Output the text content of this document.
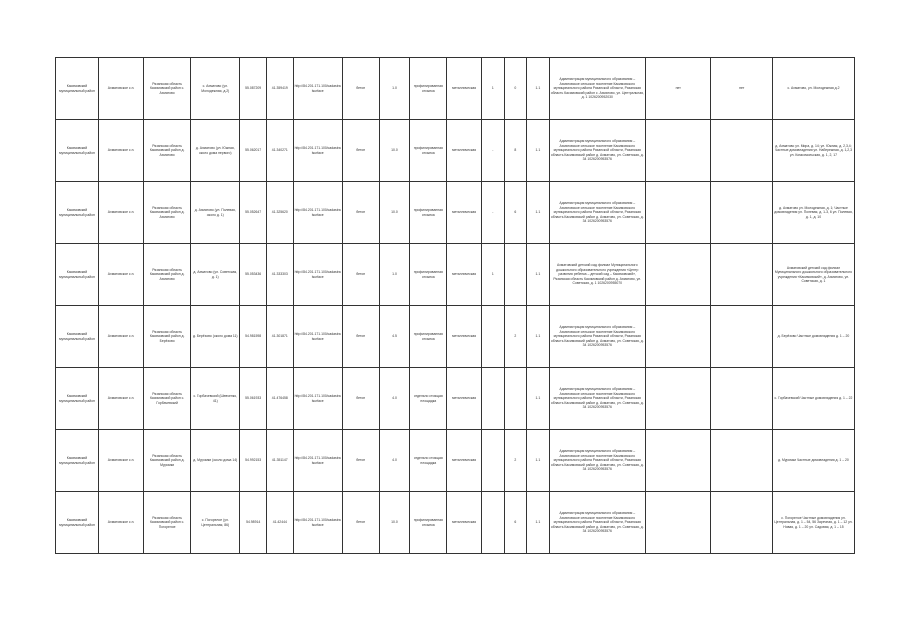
Касимовский муниципальный район	Ахматовское с.п.	Рязанская область Касимовский район с. Ахматово	с. Ахматово (ул. Молодежная, д.2)	55.087209	41.359419	http://84.201.171.100/cadastralsurface	бетон	1.0	профилированная отсыпка	металлическая	1	0	1.1	Администрация муниципального образования – Ахматовское сельское поселение Касимовского муниципального района Рязанской области, Рязанская область Касимовский район с. Ахматово, ул. Центральная, д. 1 1026200952030	нет	нет	с. Ахматово, ул. Молодежная д.2
Касимовский муниципальный район	Ахматовское с.п.	Рязанская область Касимовский район д. Ахматово	д. Ахматово (ул. Южная, около дома первого)	55.062017	41.340271	http://84.201.171.100/cadastralsurface	бетон	10.0	профилированная отсыпка	металлическая	-	8	1.1	Администрация муниципального образования – Ахматовское сельское поселение Касимовского муниципального района Рязанской области, Рязанская область Касимовский район д. Ахматово, ул. Советская, д. 34 1026200953576			д. Ахматово ул. Мира, д. 14; ул. Южная, д. 2,3,4; Частные домовладения ул. Набережная, д. 1,2,3 ул. Комсомольская, д. 1, 2, 17
Касимовский муниципальный район	Ахматовское с.п.	Рязанская область Касимовский район д. Ахматово	д. Ахматово (ул. Полевая, около д. 1)	55.052647	41.325620	http://84.201.171.100/cadastralsurface	бетон	10.0	профилированная отсыпка	металлическая	-	6	1.1	Администрация муниципального образования – Ахматовское сельское поселение Касимовского муниципального района Рязанской области, Рязанская область Касимовский район д. Ахматово, ул. Советская, д. 34 1026200953576			д. Ахматово ул. Молодежная, д. 1; Частные домовладения ул. Полевая, д. 1-3, 6 ул. Полевая, д. 1, д. 10
Касимовский муниципальный район	Ахматовское с.п.	Рязанская область Касимовский район д. Ахматово	д. Ахматово (ул. Советская, д. 1)	55.053436	41.333303	http://84.201.171.100/cadastralsurface	бетон	1.0	профилированная отсыпка	металлическая	1		1.1	Ахматовский детский сад филиал Муниципального дошкольного образовательного учреждения «Центр развития ребенка – детский сад – Касимовский», Рязанская область Касимовский район д. Ахматово, ул. Советская, д. 1 1026200955070			Ахматовский детский сад филиал Муниципального дошкольного образовательного учреждения «Касимовский», д. Ахматово, ул. Советская, д. 1
Касимовский муниципальный район	Ахматовское с.п.	Рязанская область Касимовский район д. Берёзово	д. Берёзово (около дома 11)	54.981598	41.301871	http://84.201.171.100/cadastralsurface	бетон	4.5	профилированная отсыпка	металлическая		2	1.1	Администрация муниципального образования – Ахматовское сельское поселение Касимовского муниципального района Рязанской области, Рязанская область Касимовский район д. Ахматово, ул. Советская, д. 34 1026200953576			д. Берёзово Частные домовладения д. 1 – 20
Касимовский муниципальный район	Ахматовское с.п.	Рязанская область Касимовский район с. Горбачевский	с. Горбачевский (Шевченко, 41)	55.061933	41.476458	http://84.201.171.100/cadastralsurface	бетон	4.0	отдельно стоящая площадка	металлическая			1.1	Администрация муниципального образования – Ахматовское сельское поселение Касимовского муниципального района Рязанской области, Рязанская область Касимовский район д. Ахматово, ул. Советская, д. 34 1026200953576			с. Горбачевский Частные домовладения д. 1 – 22
Касимовский муниципальный район	Ахматовское с.п.	Рязанская область Касимовский район д. Муромки	д. Муромки (около дома 14)	54.992153	41.351147	http://84.201.171.100/cadastralsurface	бетон	4.0	отдельно стоящая площадка	металлическая		2	1.1	Администрация муниципального образования – Ахматовское сельское поселение Касимовского муниципального района Рязанской области, Рязанская область Касимовский район д. Ахматово, ул. Советская, д. 34 1026200953576			д. Муромки Частные домовладения д. 1 – 20
Касимовский муниципальный район	Ахматовское с.п.	Рязанская область Касимовский район с. Погорелое	с. Погорелое (ул. Центральная, 86)	54.98914	41.42444	http://84.201.171.100/cadastralsurface	бетон	10.0	профилированная отсыпка	металлическая		6	1.1	Администрация муниципального образования – Ахматовское сельское поселение Касимовского муниципального района Рязанской области, Рязанская область Касимовский район д. Ахматово, ул. Советская, д. 34 1026200953576			с. Погорелое Частные домовладения ул. Центральная, д. 1 – 54, 56 Заречная, д. 1 – 12 ул. Новая, д. 1 – 20 ул. Садовая, д. 1 – 15
